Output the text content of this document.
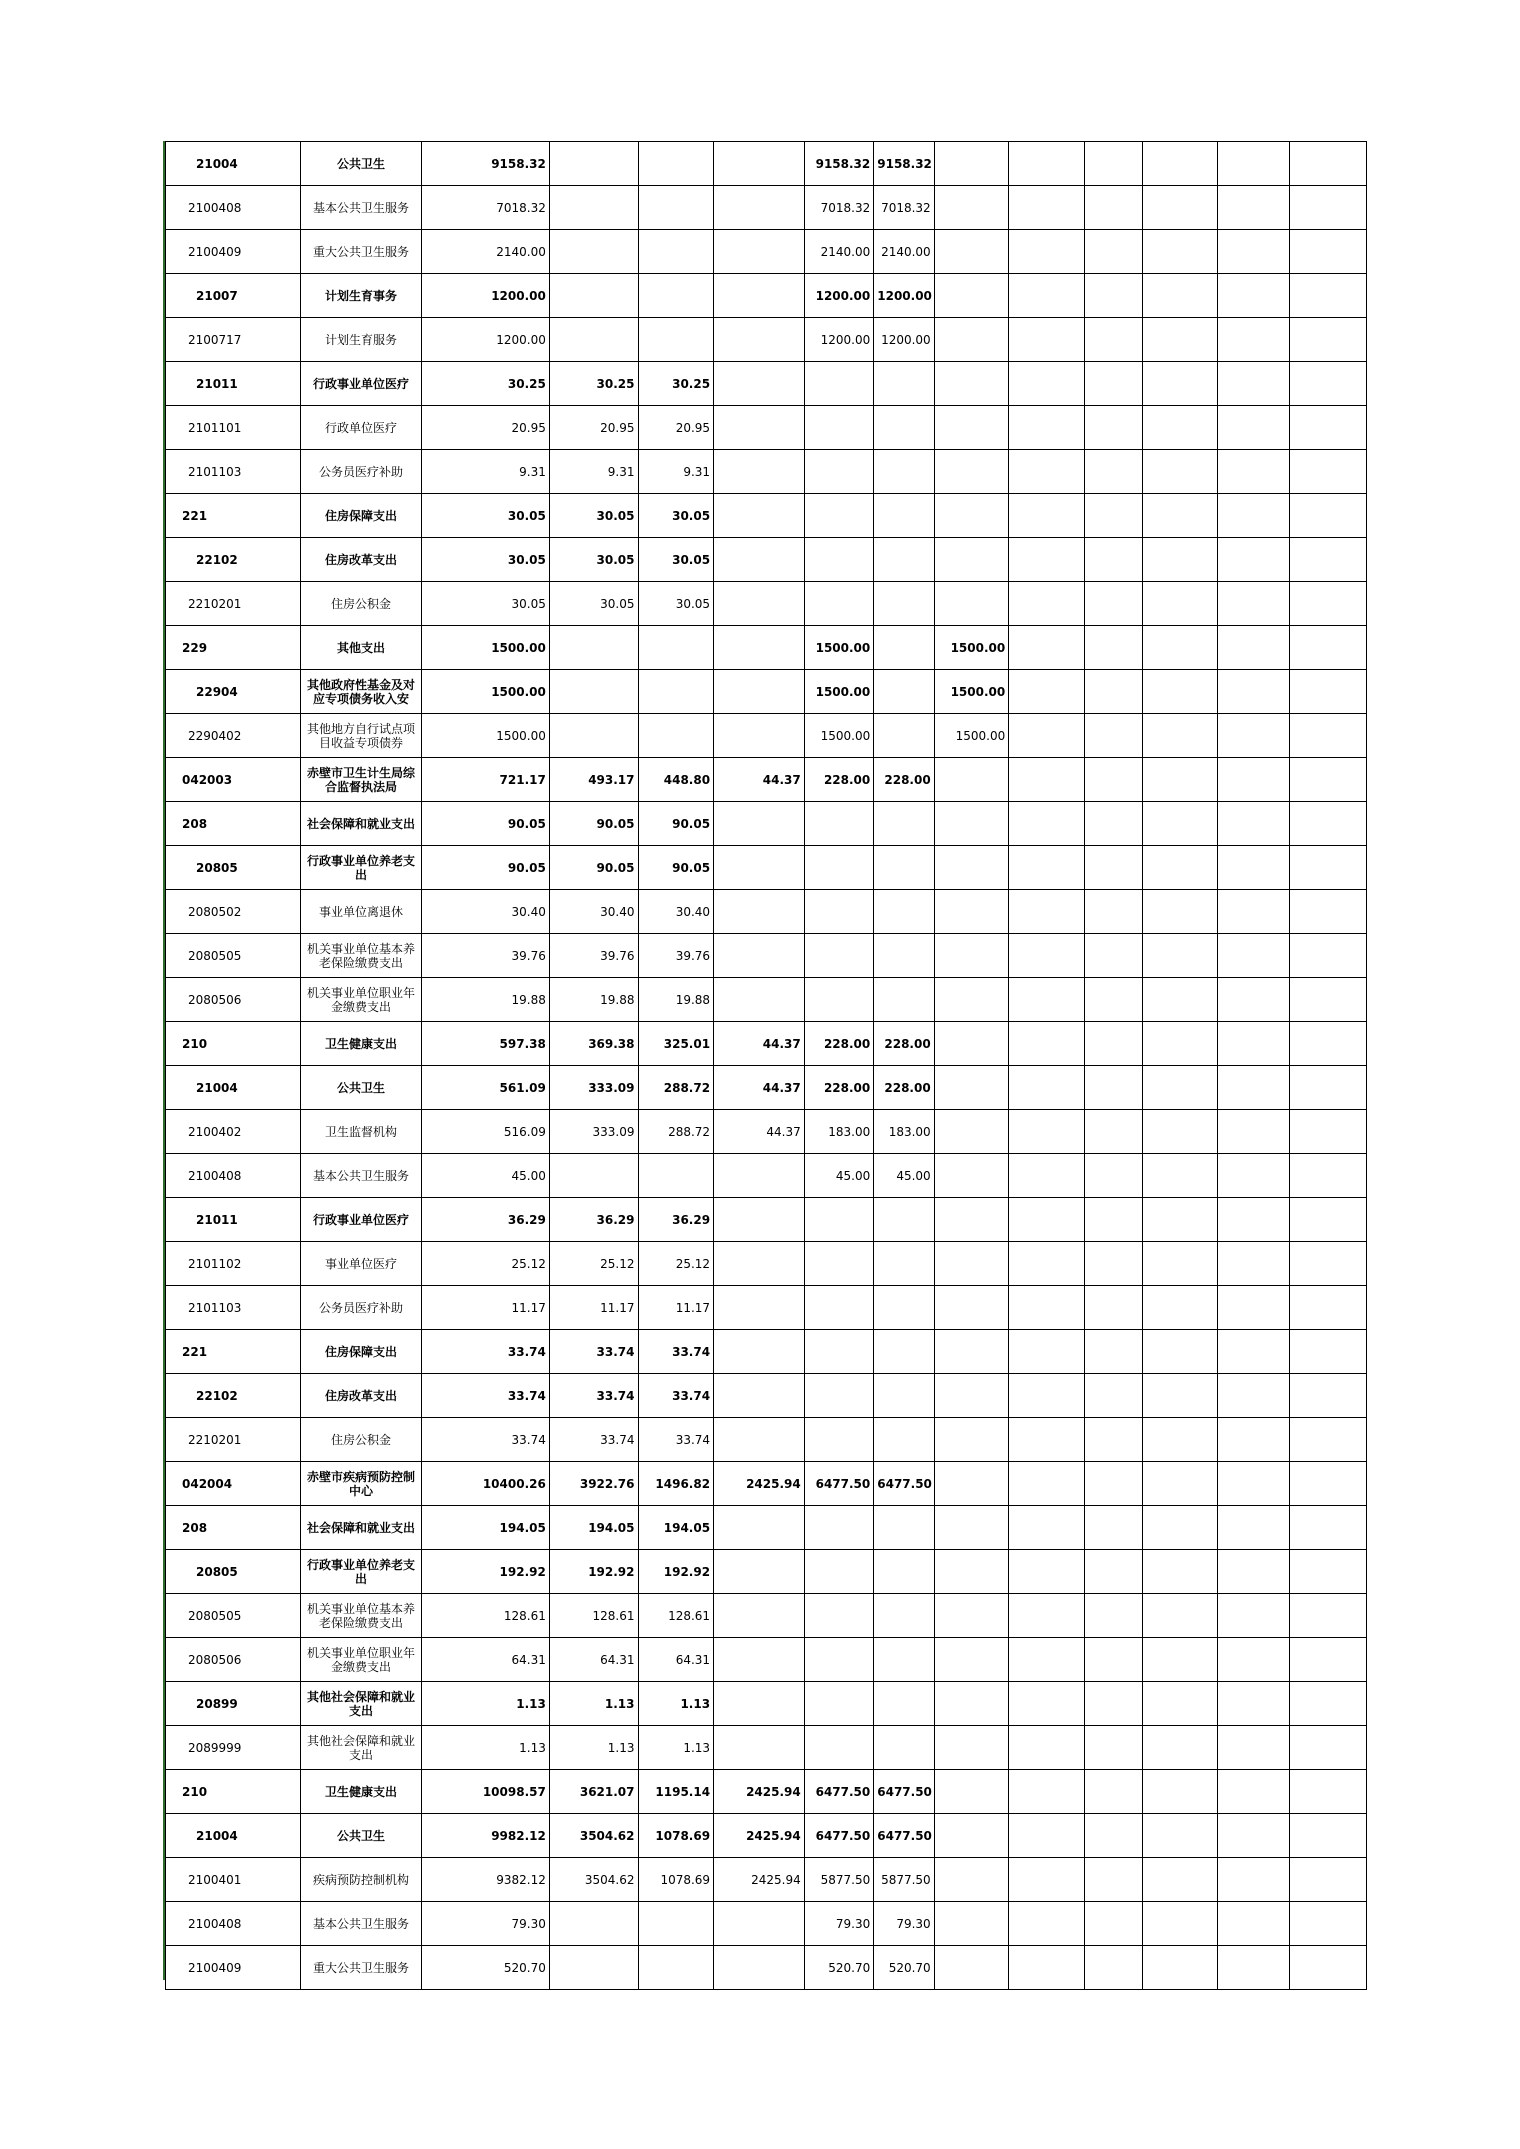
21004	公共卫生	9158.32				9158.32	9158.32						
2100408	基本公共卫生服务	7018.32				7018.32	7018.32						
2100409	重大公共卫生服务	2140.00				2140.00	2140.00						
21007	计划生育事务	1200.00				1200.00	1200.00						
2100717	计划生育服务	1200.00				1200.00	1200.00						
21011	行政事业单位医疗	30.25	30.25	30.25									
2101101	行政单位医疗	20.95	20.95	20.95									
2101103	公务员医疗补助	9.31	9.31	9.31									
221	住房保障支出	30.05	30.05	30.05									
22102	住房改革支出	30.05	30.05	30.05									
2210201	住房公积金	30.05	30.05	30.05									
229	其他支出	1500.00				1500.00		1500.00					
22904	其他政府性基金及对应专项债务收入安	1500.00				1500.00		1500.00					
2290402	其他地方自行试点项目收益专项债券	1500.00				1500.00		1500.00					
042003	赤壁市卫生计生局综合监督执法局	721.17	493.17	448.80	44.37	228.00	228.00						
208	社会保障和就业支出	90.05	90.05	90.05									
20805	行政事业单位养老支出	90.05	90.05	90.05									
2080502	事业单位离退休	30.40	30.40	30.40									
2080505	机关事业单位基本养老保险缴费支出	39.76	39.76	39.76									
2080506	机关事业单位职业年金缴费支出	19.88	19.88	19.88									
210	卫生健康支出	597.38	369.38	325.01	44.37	228.00	228.00						
21004	公共卫生	561.09	333.09	288.72	44.37	228.00	228.00						
2100402	卫生监督机构	516.09	333.09	288.72	44.37	183.00	183.00						
2100408	基本公共卫生服务	45.00				45.00	45.00						
21011	行政事业单位医疗	36.29	36.29	36.29									
2101102	事业单位医疗	25.12	25.12	25.12									
2101103	公务员医疗补助	11.17	11.17	11.17									
221	住房保障支出	33.74	33.74	33.74									
22102	住房改革支出	33.74	33.74	33.74									
2210201	住房公积金	33.74	33.74	33.74									
042004	赤壁市疾病预防控制中心	10400.26	3922.76	1496.82	2425.94	6477.50	6477.50						
208	社会保障和就业支出	194.05	194.05	194.05									
20805	行政事业单位养老支出	192.92	192.92	192.92									
2080505	机关事业单位基本养老保险缴费支出	128.61	128.61	128.61									
2080506	机关事业单位职业年金缴费支出	64.31	64.31	64.31									
20899	其他社会保障和就业支出	1.13	1.13	1.13									
2089999	其他社会保障和就业支出	1.13	1.13	1.13									
210	卫生健康支出	10098.57	3621.07	1195.14	2425.94	6477.50	6477.50						
21004	公共卫生	9982.12	3504.62	1078.69	2425.94	6477.50	6477.50						
2100401	疾病预防控制机构	9382.12	3504.62	1078.69	2425.94	5877.50	5877.50						
2100408	基本公共卫生服务	79.30				79.30	79.30						
2100409	重大公共卫生服务	520.70				520.70	520.70						
